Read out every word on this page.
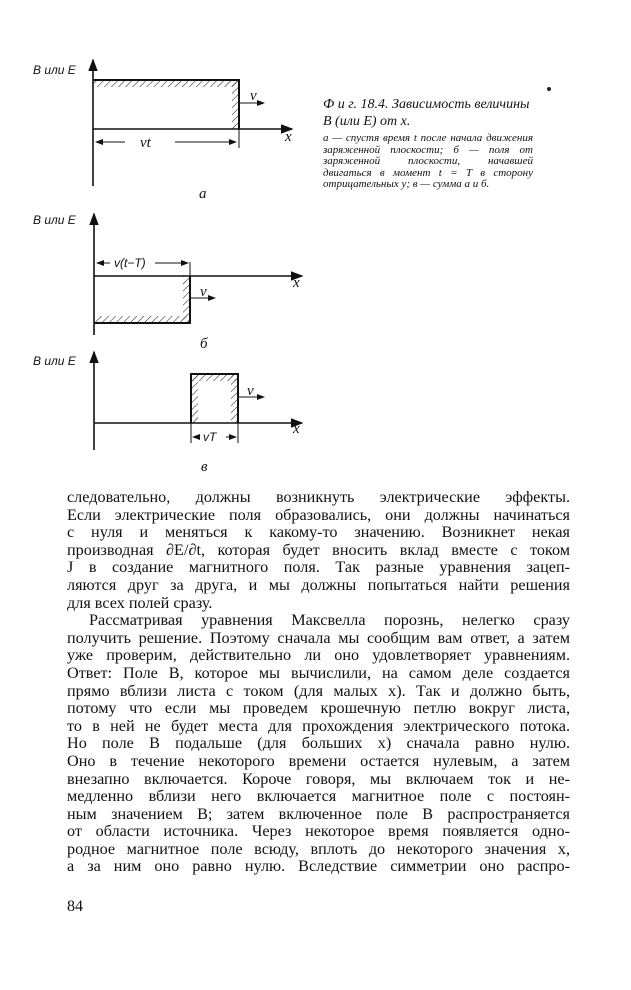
B или E
x
v
vt
а
B или E
x
v
v(t−T)
б
B или E
x
v
vT
в
Ф и г. 18.4. Зависимость величины B (или E) от x.
а — спустя время t после начала движения заряженной плоскости; б — поля от заряженной плоскости, начавшей двигаться в момент t = T в сторону отрицательных y; в — сумма а и б.
следовательно, должны возникнуть электрические эффекты.
Если электрические поля образовались, они должны начинаться
с нуля и меняться к какому-то значению. Возникнет некая
производная ∂E/∂t, которая будет вносить вклад вместе с током
J в создание магнитного поля. Так разные уравнения зацеп-
ляются друг за друга, и мы должны попытаться найти решения
для всех полей сразу.
Рассматривая уравнения Максвелла порознь, нелегко сразу
получить решение. Поэтому сначала мы сообщим вам ответ, а затем
уже проверим, действительно ли оно удовлетворяет уравнениям.
Ответ: Поле B, которое мы вычислили, на самом деле создается
прямо вблизи листа с током (для малых x). Так и должно быть,
потому что если мы проведем крошечную петлю вокруг листа,
то в ней не будет места для прохождения электрического потока.
Но поле B подальше (для больших x) сначала равно нулю.
Оно в течение некоторого времени остается нулевым, а затем
внезапно включается. Короче говоря, мы включаем ток и не-
медленно вблизи него включается магнитное поле с постоян-
ным значением B; затем включенное поле B распространяется
от области источника. Через некоторое время появляется одно-
родное магнитное поле всюду, вплоть до некоторого значения x,
а за ним оно равно нулю. Вследствие симметрии оно распро-
84
